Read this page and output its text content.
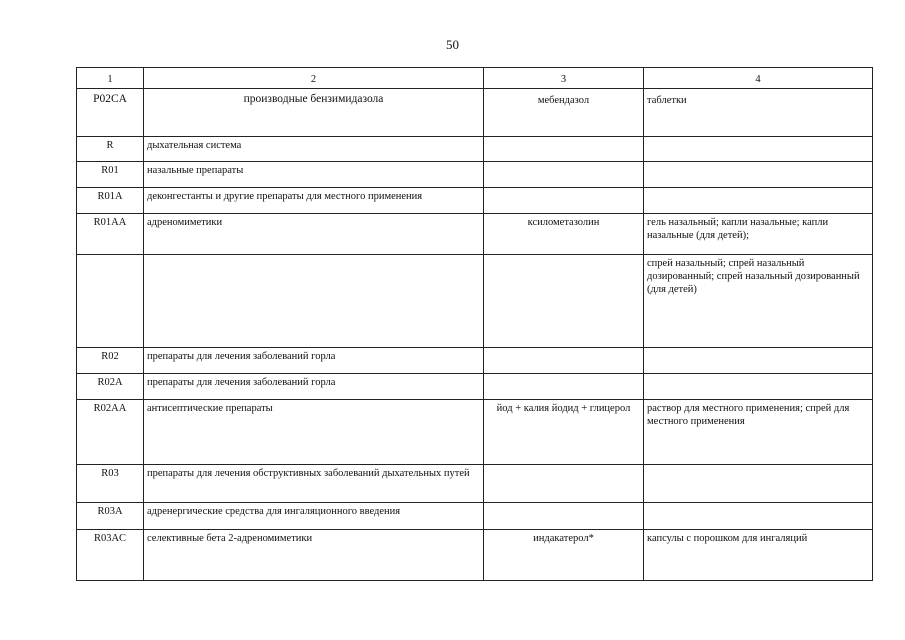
50
1	2	3	4
P02CA	производные бензимидазола	мебендазол	таблетки
R	дыхательная система		
R01	назальные препараты		
R01A	деконгестанты и другие препараты для местного применения		
R01AA	адреномиметики	ксилометазолин	гель назальный; капли назальные; капли назальные (для детей);
			спрей назальный; спрей назальный дозированный; спрей назальный дозированный (для детей)
R02	препараты для лечения заболеваний горла		
R02A	препараты для лечения заболеваний горла		
R02AA	антисептические препараты	йод + калия йодид + глицерол	раствор для местного применения; спрей для местного применения
R03	препараты для лечения обструктивных заболеваний дыхательных путей		
R03A	адренергические средства для ингаляционного введения		
R03AC	селективные бета 2-адреномиметики	индакатерол*	капсулы с порошком для ингаляций
